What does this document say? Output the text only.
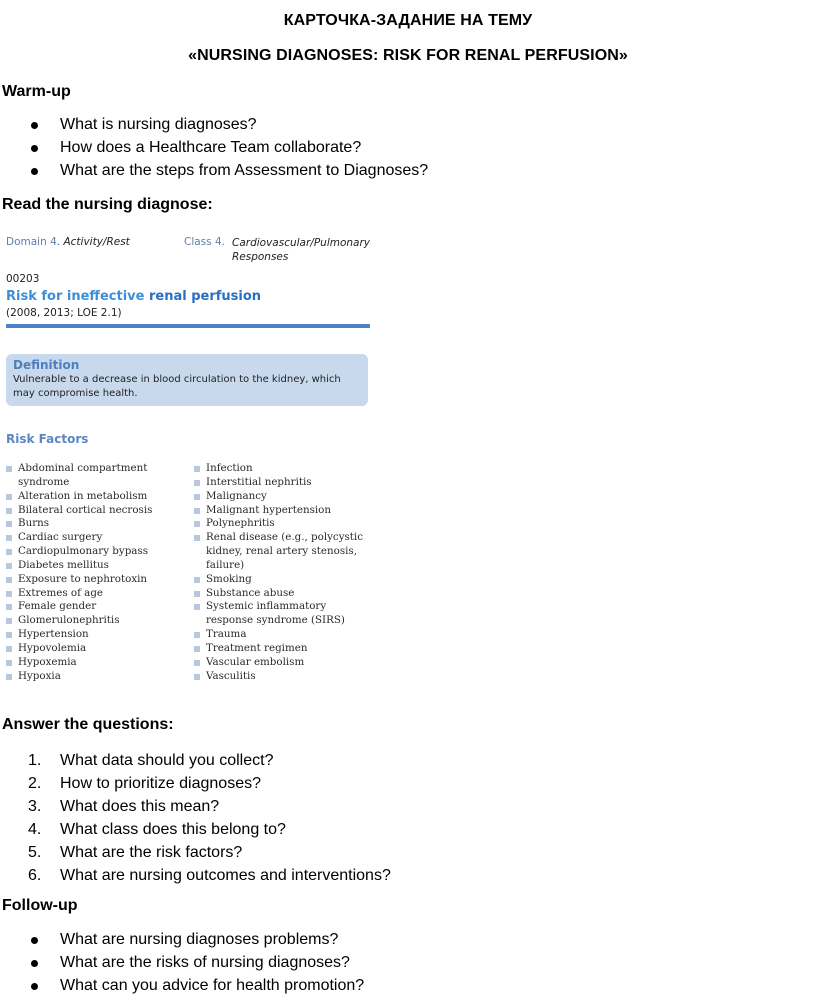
КАРТОЧКА-ЗАДАНИЕ НА ТЕМУ
«NURSING DIAGNOSES: RISK FOR RENAL PERFUSION»
Warm-up
What is nursing diagnoses?
How does a Healthcare Team collaborate?
What are the steps from Assessment to Diagnoses?
Read the nursing diagnose:
Domain 4. Activity/Rest	Class 4. Cardiovascular/Pulmonary Responses
00203
Risk for ineffective renal perfusion
(2008, 2013; LOE 2.1)
Definition
Vulnerable to a decrease in blood circulation to the kidney, which may compromise health.
Risk Factors
Abdominal compartment syndrome
Alteration in metabolism
Bilateral cortical necrosis
Burns
Cardiac surgery
Cardiopulmonary bypass
Diabetes mellitus
Exposure to nephrotoxin
Extremes of age
Female gender
Glomerulonephritis
Hypertension
Hypovolemia
Hypoxemia
Hypoxia
Infection
Interstitial nephritis
Malignancy
Malignant hypertension
Polynephritis
Renal disease (e.g., polycystic kidney, renal artery stenosis, failure)
Smoking
Substance abuse
Systemic inflammatory response syndrome (SIRS)
Trauma
Treatment regimen
Vascular embolism
Vasculitis
Answer the questions:
1. What data should you collect?
2. How to prioritize diagnoses?
3. What does this mean?
4. What class does this belong to?
5. What are the risk factors?
6. What are nursing outcomes and interventions?
Follow-up
What are nursing diagnoses problems?
What are the risks of nursing diagnoses?
What can you advice for health promotion?
